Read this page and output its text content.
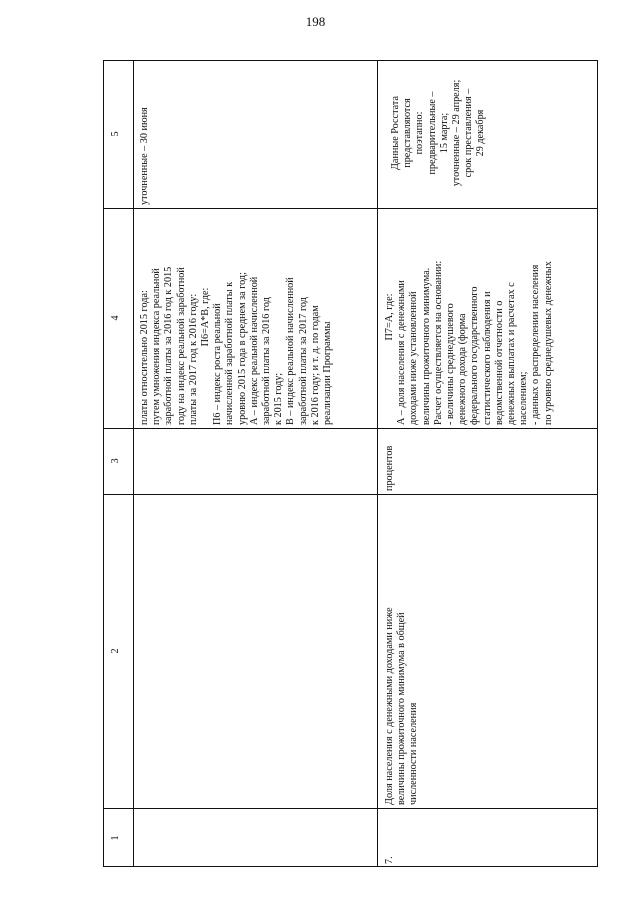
198
1
2
3
4
5
платы относительно 2015 года: путем умножения индекса реальной заработной платы за 2016 год к 2015 году на индекс реальной заработной платы за 2017 год к 2016 году: П6=А*В, где: П6 – индекс роста реальной начисленной заработной платы к уровню 2015 года в среднем за год; А – индекс реальной начисленной заработной платы за 2016 год к 2015 году; В – индекс реальной начисленной заработной платы за 2017 год к 2016 году; и т. д. по годам реализации Программы
уточненные – 30 июня
7.
Доля населения с денежными доходами ниже величины прожиточного минимума в общей численности населения
процентов
П7=А, где: А – доля населения с денежными доходами ниже установленной величины прожиточного минимума. Расчет осуществляется на основании: - величины среднедушевого денежного дохода (форма федерального государственного статистического наблюдения и ведомственной отчетности о денежных выплатах и расчетах с населением; - данных о распределении населения по уровню среднедушевых денежных
Данные Росстата представляются поэтапно: предварительные – 15 марта; уточненные – 29 апреля; срок преставления – 29 декабря
